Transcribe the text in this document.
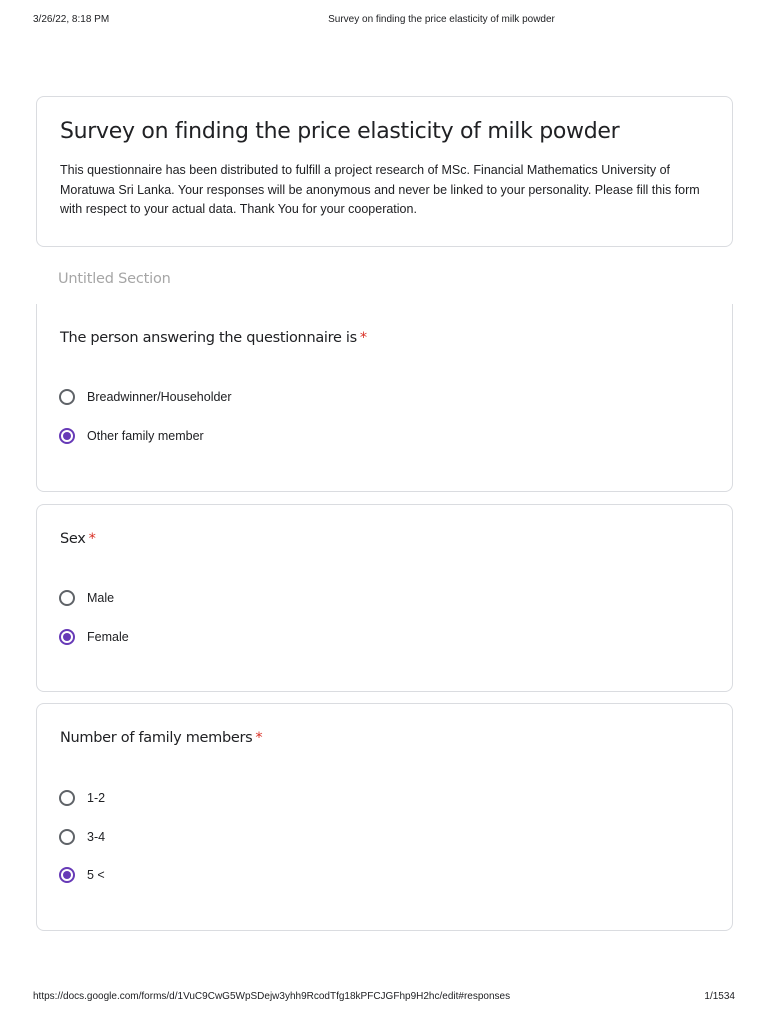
3/26/22, 8:18 PM	Survey on finding the price elasticity of milk powder
Survey on finding the price elasticity of milk powder

This questionnaire has been distributed to fulfill a project research of MSc. Financial Mathematics University of Moratuwa Sri Lanka. Your responses will be anonymous and never be linked to your personality. Please fill this form with respect to your actual data. Thank You for your cooperation.

Untitled Section
The person answering the questionnaire is *
Breadwinner/Householder
Other family member
Sex *
Male
Female
Number of family members *
1-2
3-4
5 <
https://docs.google.com/forms/d/1VuC9CwG5WpSDejw3yhh9RcodTfg18kPFCJGFhp9H2hc/edit#responses	1/1534
